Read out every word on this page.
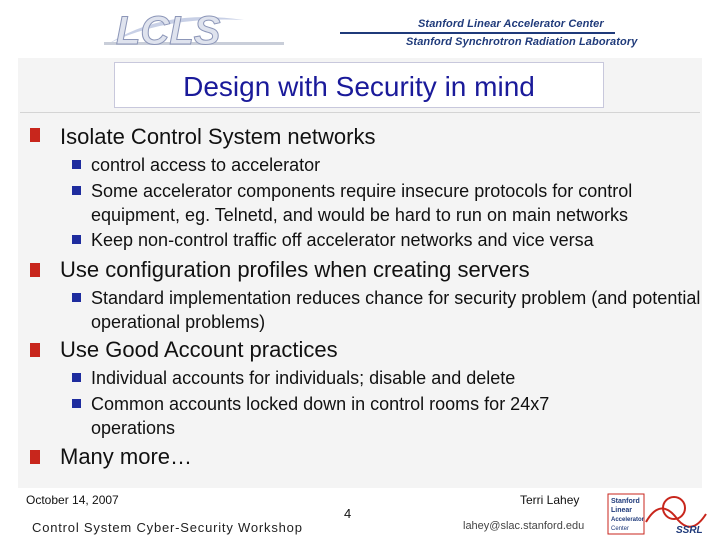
LCLS	Stanford Linear Accelerator Center
Stanford Synchrotron Radiation Laboratory
Design with Security in mind
Isolate Control System networks
control access to accelerator
Some accelerator components require insecure protocols for control equipment, eg. Telnetd, and would be hard to run on main networks
Keep non-control traffic off accelerator networks and vice versa
Use configuration profiles when creating servers
Standard implementation reduces chance for security problem (and potential operational problems)
Use Good Account practices
Individual accounts for individuals; disable and delete
Common accounts locked down in control rooms for 24x7 operations
Many more…
October 14, 2007
Control System Cyber-Security Workshop
4
Terri Lahey
lahey@slac.stanford.edu
Stanford
Linear
Accelerator
Center	SSRL
